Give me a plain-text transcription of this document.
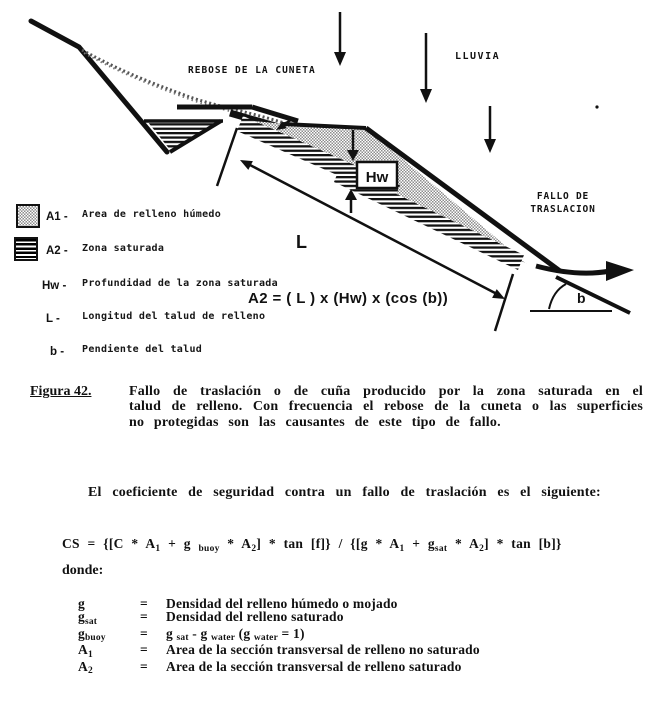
Hw
L
b
REBOSE DE LA CUNETA
LLUVIA
FALLO DE
TRASLACION
A2 = ( L ) x (Hw) x (cos (b))
A1 - Area de relleno húmedo
A2 - Zona saturada
Hw - Profundidad de la zona saturada
L - Longitud del talud de relleno
b - Pendiente del talud
Figura 42.	Fallo de traslación o de cuña producido por la zona saturada en el talud de relleno. Con frecuencia el rebose de la cuneta o las superficies no protegidas son las causantes de este tipo de fallo.
El coeficiente de seguridad contra un fallo de traslación es el siguiente:
CS = {[C * A1 + g buoy * A2] * tan [f]} / {[g * A1 + gsat * A2] * tan [b]}
donde:
g	=	Densidad del relleno húmedo o mojado
gsat	=	Densidad del relleno saturado
gbuoy	=	g sat - g water (g water = 1)
A1	=	Area de la sección transversal de relleno no saturado
A2	=	Area de la sección transversal de relleno saturado
